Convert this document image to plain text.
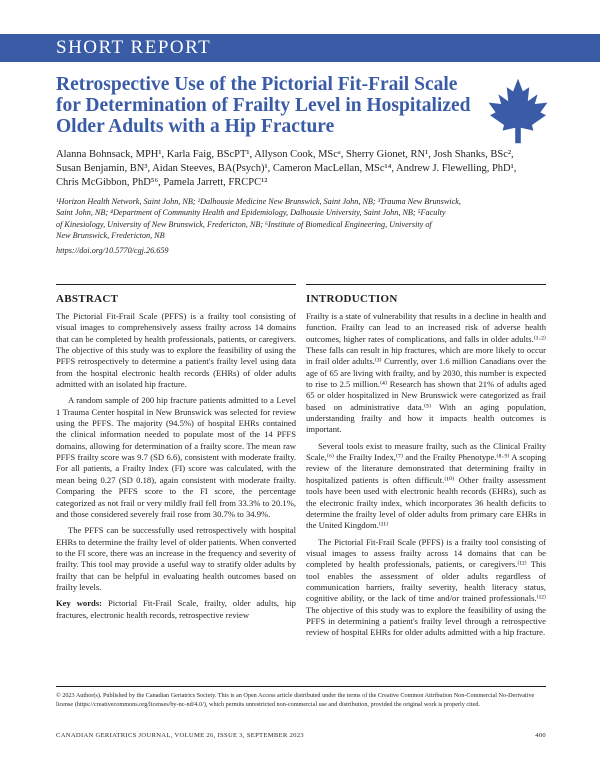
SHORT REPORT
Retrospective Use of the Pictorial Fit-Frail Scale
for Determination of Frailty Level in Hospitalized
Older Adults with a Hip Fracture
Alanna Bohnsack, MPH¹, Karla Faig, BScPT¹, Allyson Cook, MScᵃ, Sherry Gionet, RN¹, Josh Shanks, BSc²,
Susan Benjamin, BN³, Aidan Steeves, BA(Psych)¹, Cameron MacLellan, MSc¹⁴, Andrew J. Flewelling, PhD¹,
Chris McGibbon, PhD⁵⁶, Pamela Jarrett, FRCPC¹²
¹Horizon Health Network, Saint John, NB; ²Dalhousie Medicine New Brunswick, Saint John, NB; ³Trauma New Brunswick,
Saint John, NB; ⁴Department of Community Health and Epidemiology, Dalhousie University, Saint John, NB; ⁵Faculty
of Kinesiology, University of New Brunswick, Fredericton, NB; ⁶Institute of Biomedical Engineering, University of
New Brunswick, Fredericton, NB
https://doi.org/10.5770/cgj.26.659
ABSTRACT	INTRODUCTION

The Pictorial Fit-Frail Scale (PFFS) is a frailty tool consisting of visual images to comprehensively assess frailty across 14 domains that can be completed by health professionals, patients, or caregivers. The objective of this study was to explore the feasibility of using the PFFS retrospectively to determine a patient's frailty level using data from the hospital electronic health records (EHRs) of older adults admitted with an isolated hip fracture.

A random sample of 200 hip fracture patients admitted to a Level 1 Trauma Center hospital in New Brunswick was selected for review using the PFFS. The majority (94.5%) of hospital EHRs contained the clinical information needed to populate most of the 14 PFFS domains, allowing for determination of a frailty score. The mean raw PFFS frailty score was 9.7 (SD 6.6), consistent with moderate frailty. For all patients, a Frailty Index (FI) score was calculated, with the mean being 0.27 (SD 0.18), again consistent with moderate frailty. Comparing the PFFS score to the FI score, the percentage categorized as not frail or very mildly frail fell from 33.3% to 20.1%, and those considered severely frail rose from 30.7% to 34.9%.

The PFFS can be successfully used retrospectively with hospital EHRs to determine the frailty level of older patients. When converted to the FI score, there was an increase in the frequency and severity of frailty. This tool may provide a useful way to stratify older adults by frailty that can be helpful in evaluating health outcomes based on frailty levels.

Key words: Pictorial Fit-Frail Scale, frailty, older adults, hip fractures, electronic health records, retrospective review

Frailty is a state of vulnerability that results in a decline in health and function. Frailty can lead to an increased risk of adverse health outcomes, higher rates of complications, and falls in older adults.⁽¹·²⁾ These falls can result in hip fractures, which are more likely to occur in frail older adults.⁽³⁾ Currently, over 1.6 million Canadians over the age of 65 are living with frailty, and by 2030, this number is expected to rise to 2.5 million.⁽⁴⁾ Research has shown that 21% of adults aged 65 or older hospitalized in New Brunswick were categorized as frail based on administrative data.⁽⁵⁾ With an aging population, understanding frailty and how it impacts health outcomes is important.

Several tools exist to measure frailty, such as the Clinical Frailty Scale,⁽⁶⁾ the Frailty Index,⁽⁷⁾ and the Frailty Phenotype.⁽⁸·⁹⁾ A scoping review of the literature demonstrated that determining frailty in hospitalized patients is often difficult.⁽¹⁰⁾ Other frailty assessment tools have been used with electronic health records (EHRs), such as the electronic frailty index, which incorporates 36 health deficits to determine the frailty level of older adults from primary care EHRs in the United Kingdom.⁽¹¹⁾

The Pictorial Fit-Frail Scale (PFFS) is a frailty tool consisting of visual images to assess frailty across 14 domains that can be completed by health professionals, patients, or caregivers.⁽¹²⁾ This tool enables the assessment of older adults regardless of communication barriers, frailty severity, health literacy status, cognitive ability, or the lack of time and/or trained professionals.⁽¹²⁾ The objective of this study was to explore the feasibility of using the PFFS in determining a patient's frailty level through a retrospective review of hospital EHRs for older adults admitted with a hip fracture.

© 2023 Author(s). Published by the Canadian Geriatrics Society. This is an Open Access article distributed under the terms of the Creative Common Attribution Non-Commercial No-Derivative license (https://creativecommons.org/licenses/by-nc-nd/4.0/), which permits unrestricted non-commercial use and distribution, provided the original work is properly cited.
CANADIAN GERIATRICS JOURNAL, VOLUME 26, ISSUE 3, SEPTEMBER 2023	400
